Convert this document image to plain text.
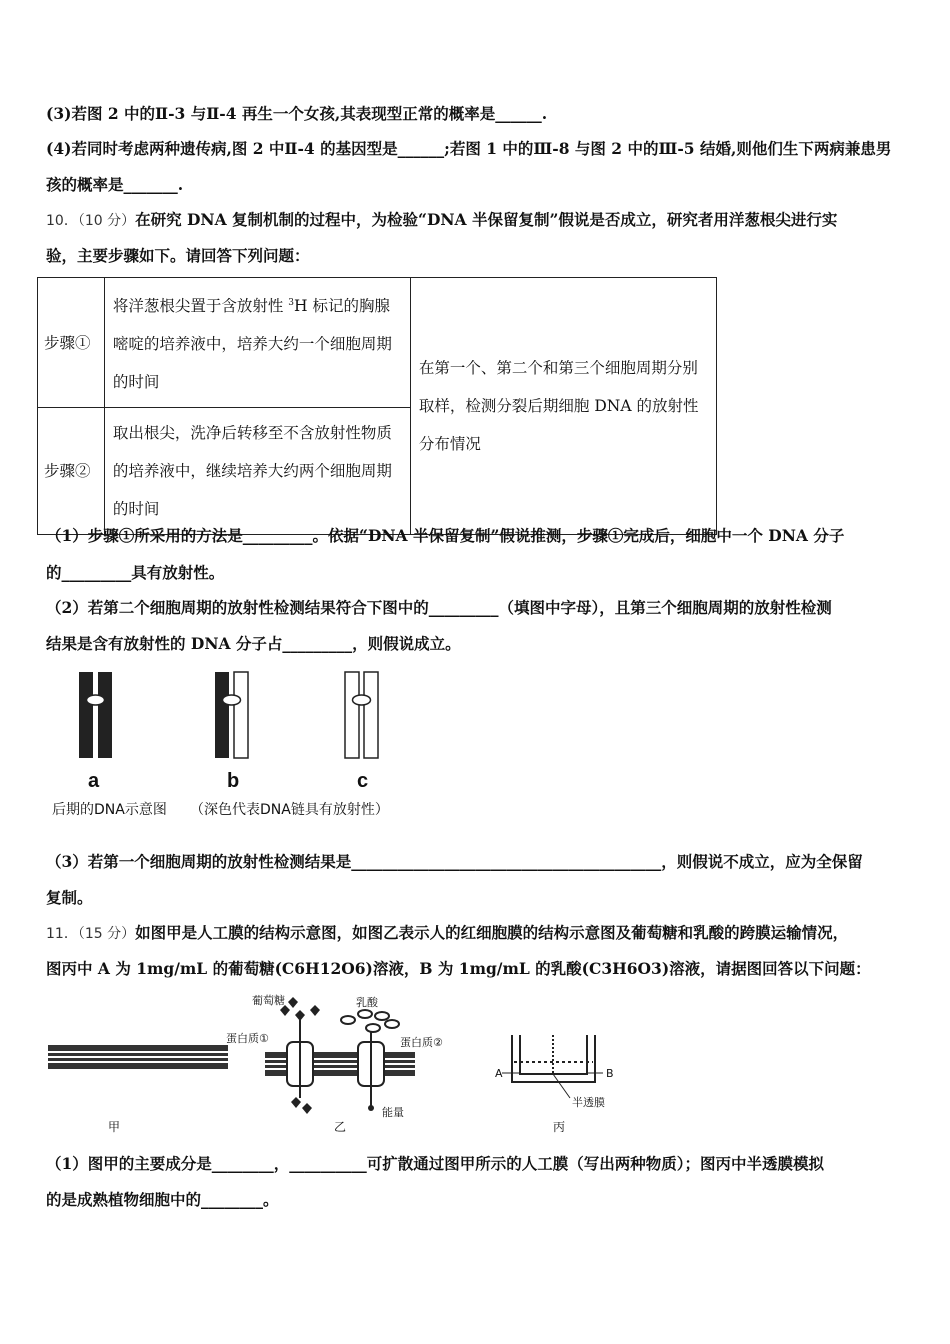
(3)若图 2 中的Ⅱ-3 与Ⅱ-4 再生一个女孩,其表现型正常的概率是______.
(4)若同时考虑两种遗传病,图 2 中Ⅱ-4 的基因型是______;若图 1 中的Ⅲ-8 与图 2 中的Ⅲ-5 结婚,则他们生下两病兼患男
孩的概率是_______.
10．（10 分）在研究 DNA 复制机制的过程中，为检验“DNA 半保留复制”假说是否成立，研究者用洋葱根尖进行实
验，主要步骤如下。请回答下列问题：
步骤①	将洋葱根尖置于含放射性 $^3$H 标记的胸腺嘧啶的培养液中，培养大约一个细胞周期的时间	在第一个、第二个和第三个细胞周期分别取样，检测分裂后期细胞 DNA 的放射性分布情况
步骤②	取出根尖，洗净后转移至不含放射性物质的培养液中，继续培养大约两个细胞周期的时间	
（1）步骤①所采用的方法是_________。依据“DNA 半保留复制”假说推测，步骤①完成后，细胞中一个 DNA 分子
的_________具有放射性。
（2）若第二个细胞周期的放射性检测结果符合下图中的_________（填图中字母），且第三个细胞周期的放射性检测
结果是含有放射性的 DNA 分子占_________，则假说成立。
a	b	c
后期的DNA示意图 （深色代表DNA链具有放射性）
（3）若第一个细胞周期的放射性检测结果是________________________________________，则假说不成立，应为全保留
复制。
11．（15 分）如图甲是人工膜的结构示意图，如图乙表示人的红细胞膜的结构示意图及葡萄糖和乳酸的跨膜运输情况，
图丙中 A 为 1mg/mL 的葡萄糖(C6H12O6)溶液，B 为 1mg/mL 的乳酸(C3H6O3)溶液，请据图回答以下问题：
葡萄糖	乳酸
蛋白质①	蛋白质②
能量
A	B
半透膜
甲	乙	丙
（1）图甲的主要成分是________，__________可扩散通过图甲所示的人工膜（写出两种物质）；图丙中半透膜模拟
的是成熟植物细胞中的________。
